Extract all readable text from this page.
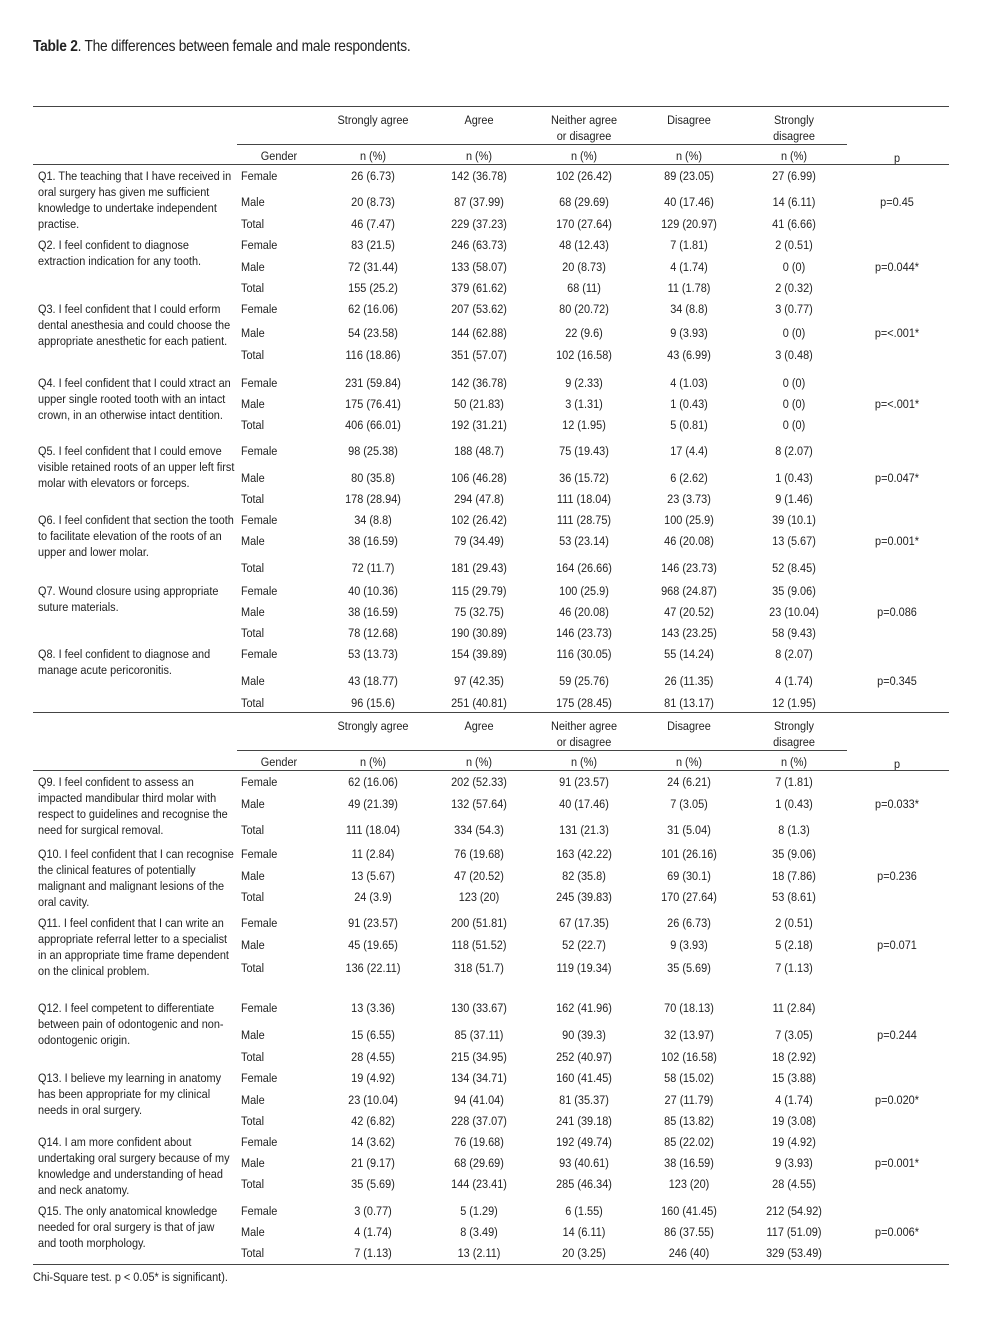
Table 2. The differences between female and male respondents.
Strongly agree	Agree	Neither agree
or disagree
Disagree	Strongly
disagree
Gender	n (%)	n (%)	n (%)	n (%)	n (%)	p
Strongly agree	Agree	Neither agree
or disagree
Disagree	Strongly
disagree
Gender	n (%)	n (%)	n (%)	n (%)	n (%)	p
Q1. The teaching that I have received in oral surgery has given me sufficient knowledge to undertake independent practise.
Female	26 (6.73)	142 (36.78)	102 (26.42)	89 (23.05)	27 (6.99)
Male	20 (8.73)	87 (37.99)	68 (29.69)	40 (17.46)	14 (6.11)
Total	46 (7.47)	229 (37.23)	170 (27.64)	129 (20.97)	41 (6.66)
p=0.45
Q2. I feel confident to diagnose extraction indication for any tooth.
Female	83 (21.5)	246 (63.73)	48 (12.43)	7 (1.81)	2 (0.51)
Male	72 (31.44)	133 (58.07)	20 (8.73)	4 (1.74)	0 (0)
Total	155 (25.2)	379 (61.62)	68 (11)	11 (1.78)	2 (0.32)
p=0.044*
Q3. I feel confident that I could erform dental anesthesia and could choose the appropriate anesthetic for each patient.
Female	62 (16.06)	207 (53.62)	80 (20.72)	34 (8.8)	3 (0.77)
Male	54 (23.58)	144 (62.88)	22 (9.6)	9 (3.93)	0 (0)
Total	116 (18.86)	351 (57.07)	102 (16.58)	43 (6.99)	3 (0.48)
p=<.001*
Q4. I feel confident that I could xtract an upper single rooted tooth with an intact crown, in an otherwise intact dentition.
Female	231 (59.84)	142 (36.78)	9 (2.33)	4 (1.03)	0 (0)
Male	175 (76.41)	50 (21.83)	3 (1.31)	1 (0.43)	0 (0)
Total	406 (66.01)	192 (31.21)	12 (1.95)	5 (0.81)	0 (0)
p=<.001*
Q5. I feel confident that I could emove visible retained roots of an upper left first molar with elevators or forceps.
Female	98 (25.38)	188 (48.7)	75 (19.43)	17 (4.4)	8 (2.07)
Male	80 (35.8)	106 (46.28)	36 (15.72)	6 (2.62)	1 (0.43)
Total	178 (28.94)	294 (47.8)	111 (18.04)	23 (3.73)	9 (1.46)
p=0.047*
Q6. I feel confident that section the tooth to facilitate elevation of the roots of an upper and lower molar.
Female	34 (8.8)	102 (26.42)	111 (28.75)	100 (25.9)	39 (10.1)
Male	38 (16.59)	79 (34.49)	53 (23.14)	46 (20.08)	13 (5.67)
Total	72 (11.7)	181 (29.43)	164 (26.66)	146 (23.73)	52 (8.45)
p=0.001*
Q7. Wound closure using appropriate suture materials.
Female	40 (10.36)	115 (29.79)	100 (25.9)	968 (24.87)	35 (9.06)
Male	38 (16.59)	75 (32.75)	46 (20.08)	47 (20.52)	23 (10.04)
Total	78 (12.68)	190 (30.89)	146 (23.73)	143 (23.25)	58 (9.43)
p=0.086
Q8. I feel confident to diagnose and manage acute pericoronitis.
Female	53 (13.73)	154 (39.89)	116 (30.05)	55 (14.24)	8 (2.07)
Male	43 (18.77)	97 (42.35)	59 (25.76)	26 (11.35)	4 (1.74)
Total	96 (15.6)	251 (40.81)	175 (28.45)	81 (13.17)	12 (1.95)
p=0.345
Q9. I feel confident to assess an impacted mandibular third molar with respect to guidelines and recognise the need for surgical removal.
Female	62 (16.06)	202 (52.33)	91 (23.57)	24 (6.21)	7 (1.81)
Male	49 (21.39)	132 (57.64)	40 (17.46)	7 (3.05)	1 (0.43)
Total	111 (18.04)	334 (54.3)	131 (21.3)	31 (5.04)	8 (1.3)
p=0.033*
Q10. I feel confident that I can recognise the clinical features of potentially malignant and malignant lesions of the oral cavity.
Female	11 (2.84)	76 (19.68)	163 (42.22)	101 (26.16)	35 (9.06)
Male	13 (5.67)	47 (20.52)	82 (35.8)	69 (30.1)	18 (7.86)
Total	24 (3.9)	123 (20)	245 (39.83)	170 (27.64)	53 (8.61)
p=0.236
Q11. I feel confident that I can write an appropriate referral letter to a specialist in an appropriate time frame dependent on the clinical problem.
Female	91 (23.57)	200 (51.81)	67 (17.35)	26 (6.73)	2 (0.51)
Male	45 (19.65)	118 (51.52)	52 (22.7)	9 (3.93)	5 (2.18)
Total	136 (22.11)	318 (51.7)	119 (19.34)	35 (5.69)	7 (1.13)
p=0.071
Q12. I feel competent to differentiate between pain of odontogenic and non-odontogenic origin.
Female	13 (3.36)	130 (33.67)	162 (41.96)	70 (18.13)	11 (2.84)
Male	15 (6.55)	85 (37.11)	90 (39.3)	32 (13.97)	7 (3.05)
Total	28 (4.55)	215 (34.95)	252 (40.97)	102 (16.58)	18 (2.92)
p=0.244
Q13. I believe my learning in anatomy has been appropriate for my clinical needs in oral surgery.
Female	19 (4.92)	134 (34.71)	160 (41.45)	58 (15.02)	15 (3.88)
Male	23 (10.04)	94 (41.04)	81 (35.37)	27 (11.79)	4 (1.74)
Total	42 (6.82)	228 (37.07)	241 (39.18)	85 (13.82)	19 (3.08)
p=0.020*
Q14. I am more confident about undertaking oral surgery because of my knowledge and understanding of head and neck anatomy.
Female	14 (3.62)	76 (19.68)	192 (49.74)	85 (22.02)	19 (4.92)
Male	21 (9.17)	68 (29.69)	93 (40.61)	38 (16.59)	9 (3.93)
Total	35 (5.69)	144 (23.41)	285 (46.34)	123 (20)	28 (4.55)
p=0.001*
Q15. The only anatomical knowledge needed for oral surgery is that of jaw and tooth morphology.
Female	3 (0.77)	5 (1.29)	6 (1.55)	160 (41.45)	212 (54.92)
Male	4 (1.74)	8 (3.49)	14 (6.11)	86 (37.55)	117 (51.09)
Total	7 (1.13)	13 (2.11)	20 (3.25)	246 (40)	329 (53.49)
p=0.006*
Chi-Square test. p < 0.05* is significant).
